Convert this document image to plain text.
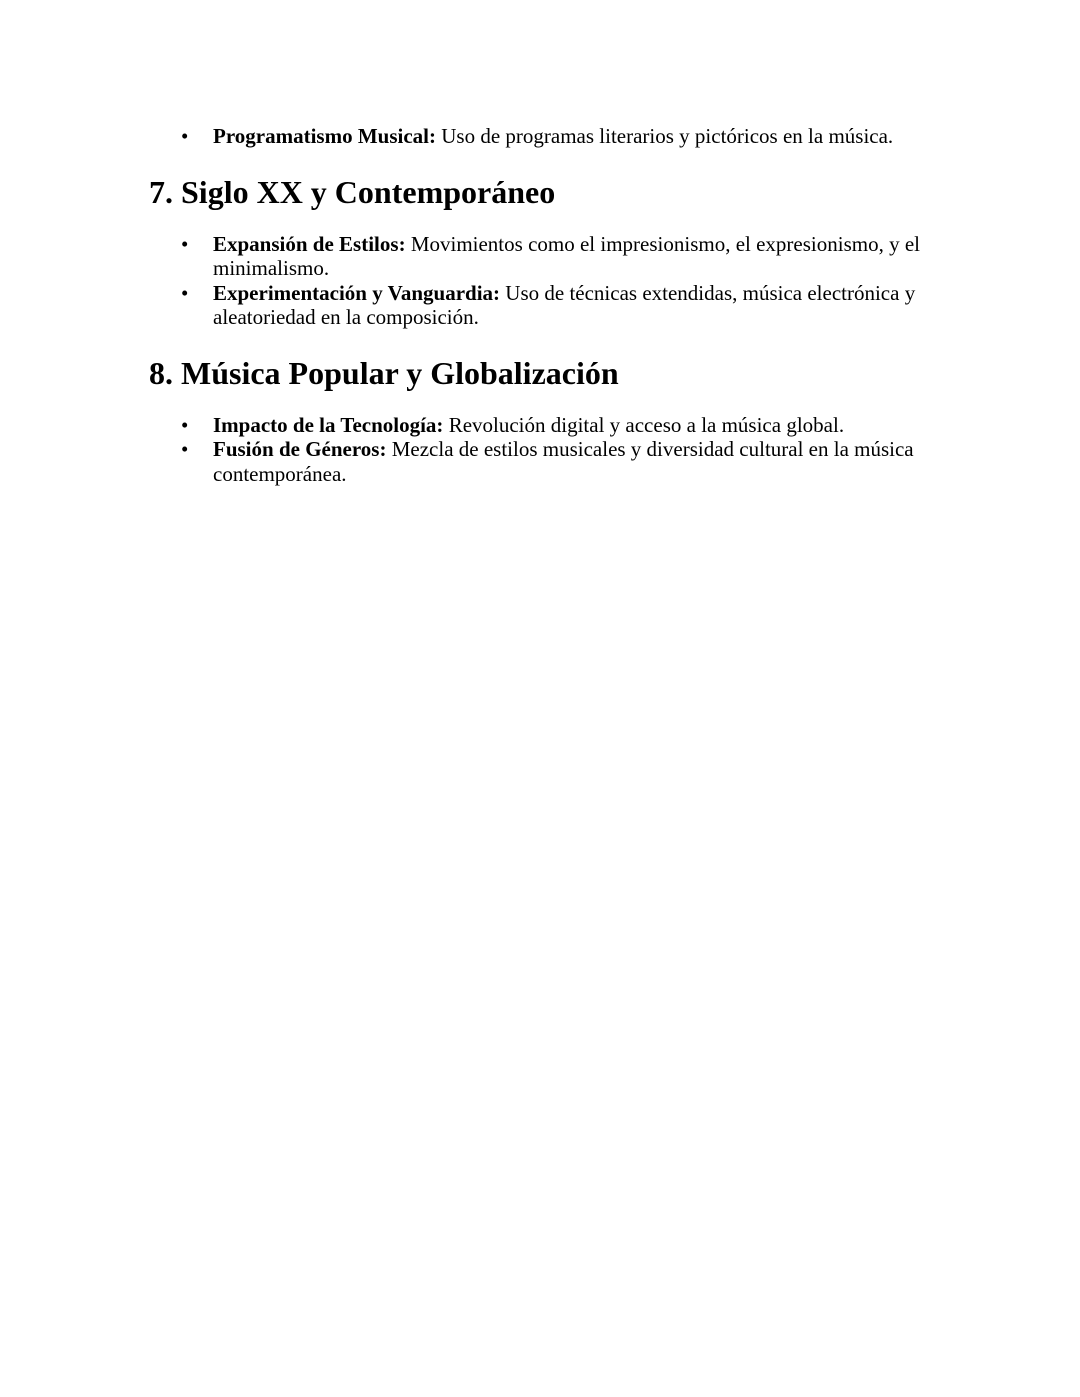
• Programatismo Musical: Uso de programas literarios y pictóricos en la música.
7. Siglo XX y Contemporáneo
• Expansión de Estilos: Movimientos como el impresionismo, el expresionismo, y el minimalismo.
• Experimentación y Vanguardia: Uso de técnicas extendidas, música electrónica y aleatoriedad en la composición.
8. Música Popular y Globalización
• Impacto de la Tecnología: Revolución digital y acceso a la música global.
• Fusión de Géneros: Mezcla de estilos musicales y diversidad cultural en la música contemporánea.
